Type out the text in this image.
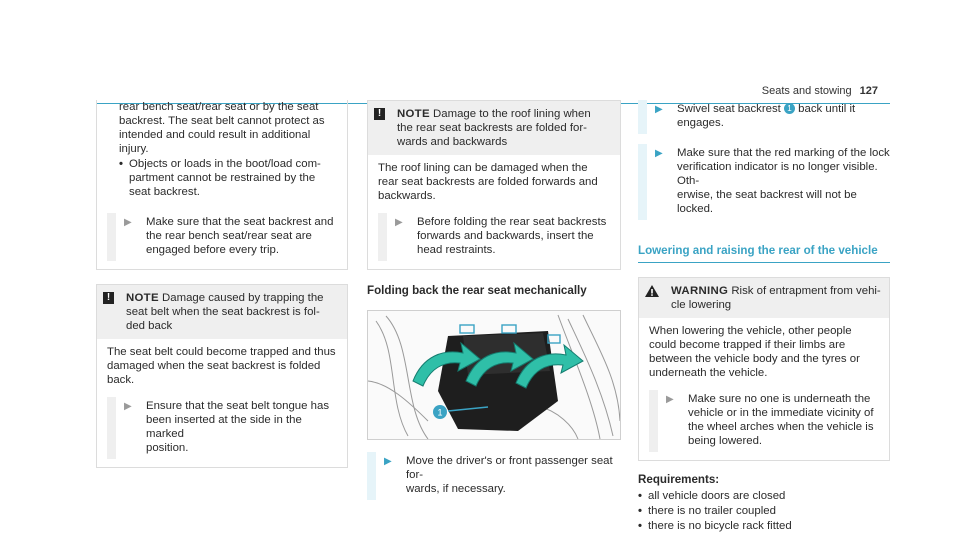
Seats and stowing 127

rear bench seat/rear seat or by the seat

backrest. The seat belt cannot protect as

intended and could result in additional

injury.

• Objects or loads in the boot/load com-

partment cannot be restrained by the

seat backrest.

▶	Make sure that the seat backrest and

the rear bench seat/rear seat are

engaged before every trip.

!	NOTE Damage caused by trapping the

seat belt when the seat backrest is fol-

ded back

The seat belt could become trapped and thus

damaged when the seat backrest is folded

back.

▶	Ensure that the seat belt tongue has

been inserted at the side in the marked

position.

!	NOTE Damage to the roof lining when

the rear seat backrests are folded for-

wards and backwards

The roof lining can be damaged when the

rear seat backrests are folded forwards and

backwards.

▶	Before folding the rear seat backrests

forwards and backwards, insert the

head restraints.

Folding back the rear seat mechanically

1
▶	Move the driver's or front passenger seat for-

wards, if necessary.

▶	Swivel seat backrest 1 back until it

engages.

▶	Make sure that the red marking of the lock

verification indicator is no longer visible. Oth-

erwise, the seat backrest will not be locked.

Lowering and raising the rear of the vehicle

WARNING Risk of entrapment from vehi-

cle lowering

When lowering the vehicle, other people

could become trapped if their limbs are

between the vehicle body and the tyres or

underneath the vehicle.

▶	Make sure no one is underneath the

vehicle or in the immediate vicinity of

the wheel arches when the vehicle is

being lowered.

Requirements:

• all vehicle doors are closed
• there is no trailer coupled
• there is no bicycle rack fitted
